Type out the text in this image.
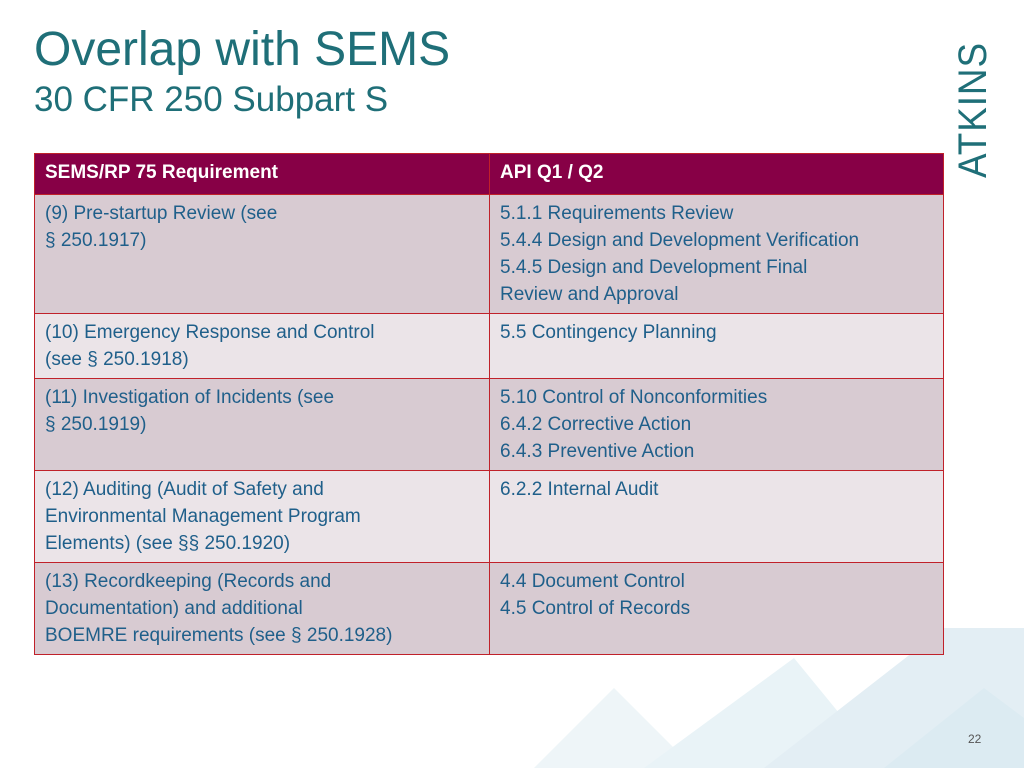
Overlap with SEMS
30 CFR 250 Subpart S	ATKINS
SEMS/RP 75 Requirement	API Q1 / Q2

(9) Pre-startup Review (see
§ 250.1917)	5.1.1 Requirements Review
5.4.4 Design and Development Verification
5.4.5 Design and Development Final
Review and Approval

(10) Emergency Response and Control
(see § 250.1918)	5.5 Contingency Planning

(11) Investigation of Incidents (see
§ 250.1919)	5.10 Control of Nonconformities
6.4.2 Corrective Action
6.4.3 Preventive Action

(12) Auditing (Audit of Safety and
Environmental Management Program
Elements) (see §§ 250.1920)	6.2.2 Internal Audit

(13) Recordkeeping (Records and
Documentation) and additional
BOEMRE requirements (see § 250.1928)	4.4 Document Control
4.5 Control of Records
22
